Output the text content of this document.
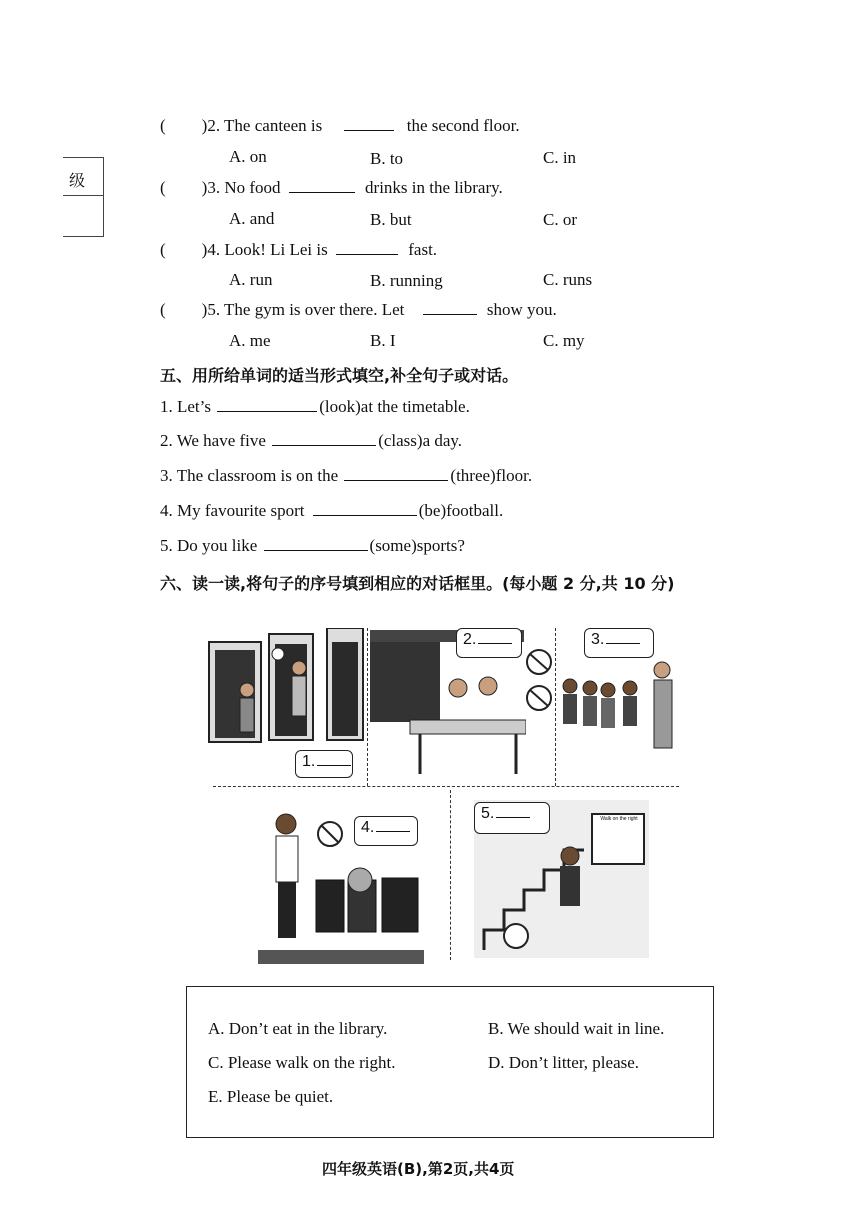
级
( )2. The canteen is	the second floor.
A. on	B. to	C. in
( )3. No food	drinks in the library.
A. and	B. but	C. or
( )4. Look! Li Lei is	fast.
A. run	B. running	C. runs
( )5. The gym is over there. Let	show you.
A. me	B. I	C. my
五、用所给单词的适当形式填空,补全句子或对话。
1. Let’s	(look)at the timetable.
2. We have five	(class)a day.
3. The classroom is on the	(three)floor.
4. My favourite sport	(be)football.
5. Do you like	(some)sports?
六、读一读,将句子的序号填到相应的对话框里。(每小题 2 分,共 10 分)
1.
2.	3.
4.	Walk on the right
5.
A. Don’t eat in the library.	B. We should wait in line.
C. Please walk on the right.	D. Don’t litter, please.
E. Please be quiet.
四年级英语(B),第2页,共4页
